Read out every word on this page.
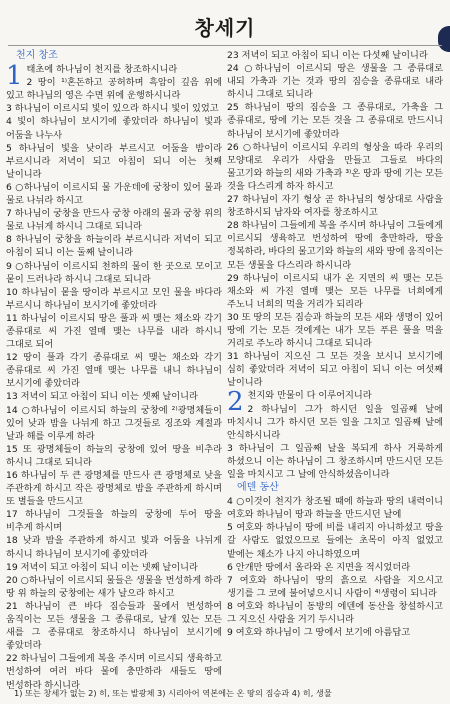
창세기
천지 창조
1 태초에 하나님이 천지를 창조하시니라

2 땅이 ¹⁾혼돈하고 공허하며 흑암이 깊음 위에 있고 하나님의 영은 수면 위에 운행하시니라

3 하나님이 이르시되 빛이 있으라 하시니 빛이 있었고

4 빛이 하나님이 보시기에 좋았더라 하나님이 빛과 어둠을 나누사

5 하나님이 빛을 낮이라 부르시고 어둠을 밤이라 부르시니라 저녁이 되고 아침이 되니 이는 첫째 날이니라

6 ○하나님이 이르시되 물 가운데에 궁창이 있어 물과 물로 나뉘라 하시고

7 하나님이 궁창을 만드사 궁창 아래의 물과 궁창 위의 물로 나뉘게 하시니 그대로 되니라

8 하나님이 궁창을 하늘이라 부르시니라 저녁이 되고 아침이 되니 이는 둘째 날이니라

9 ○하나님이 이르시되 천하의 물이 한 곳으로 모이고 뭍이 드러나라 하시니 그대로 되니라

10 하나님이 뭍을 땅이라 부르시고 모인 물을 바다라 부르시니 하나님이 보시기에 좋았더라

11 하나님이 이르시되 땅은 풀과 씨 맺는 채소와 각기 종류대로 씨 가진 열매 맺는 나무를 내라 하시니 그대로 되어

12 땅이 풀과 각기 종류대로 씨 맺는 채소와 각기 종류대로 씨 가진 열매 맺는 나무를 내니 하나님이 보시기에 좋았더라

13 저녁이 되고 아침이 되니 이는 셋째 날이니라

14 ○하나님이 이르시되 하늘의 궁창에 ²⁾광명체들이 있어 낮과 밤을 나뉘게 하고 그것들로 징조와 계절과 날과 해를 이루게 하라

15 또 광명체들이 하늘의 궁창에 있어 땅을 비추라 하시니 그대로 되니라

16 하나님이 두 큰 광명체를 만드사 큰 광명체로 낮을 주관하게 하시고 작은 광명체로 밤을 주관하게 하시며 또 별들을 만드시고

17 하나님이 그것들을 하늘의 궁창에 두어 땅을 비추게 하시며

18 낮과 밤을 주관하게 하시고 빛과 어둠을 나뉘게 하시니 하나님이 보시기에 좋았더라

19 저녁이 되고 아침이 되니 이는 넷째 날이니라

20 ○하나님이 이르시되 물들은 생물을 번성하게 하라 땅 위 하늘의 궁창에는 새가 날으라 하시고

21 하나님이 큰 바다 짐승들과 물에서 번성하여 움직이는 모든 생물을 그 종류대로, 날개 있는 모든 새를 그 종류대로 창조하시니 하나님이 보시기에 좋았더라

22 하나님이 그들에게 복을 주시며 이르시되 생육하고 번성하여 여러 바다 물에 충만하라 새들도 땅에 번성하라 하시니라

23 저녁이 되고 아침이 되니 이는 다섯째 날이니라

24 ○하나님이 이르시되 땅은 생물을 그 종류대로 내되 가축과 기는 것과 땅의 짐승을 종류대로 내라 하시니 그대로 되니라

25 하나님이 땅의 짐승을 그 종류대로, 가축을 그 종류대로, 땅에 기는 모든 것을 그 종류대로 만드시니 하나님이 보시기에 좋았더라

26 ○하나님이 이르시되 우리의 형상을 따라 우리의 모양대로 우리가 사람을 만들고 그들로 바다의 물고기와 하늘의 새와 가축과 ³⁾온 땅과 땅에 기는 모든 것을 다스리게 하자 하시고

27 하나님이 자기 형상 곧 하나님의 형상대로 사람을 창조하시되 남자와 여자를 창조하시고

28 하나님이 그들에게 복을 주시며 하나님이 그들에게 이르시되 생육하고 번성하여 땅에 충만하라, 땅을 정복하라, 바다의 물고기와 하늘의 새와 땅에 움직이는 모든 생물을 다스리라 하시니라

29 하나님이 이르시되 내가 온 지면의 씨 맺는 모든 채소와 씨 가진 열매 맺는 모든 나무를 너희에게 주노니 너희의 먹을 거리가 되리라

30 또 땅의 모든 짐승과 하늘의 모든 새와 생명이 있어 땅에 기는 모든 것에게는 내가 모든 푸른 풀을 먹을 거리로 주노라 하시니 그대로 되니라

31 하나님이 지으신 그 모든 것을 보시니 보시기에 심히 좋았더라 저녁이 되고 아침이 되니 이는 여섯째 날이니라

2 천지와 만물이 다 이루어지니라

2 하나님이 그가 하시던 일을 일곱째 날에 마치시니 그가 하시던 모든 일을 그치고 일곱째 날에 안식하시니라

3 하나님이 그 일곱째 날을 복되게 하사 거룩하게 하셨으니 이는 하나님이 그 창조하시며 만드시던 모든 일을 마치시고 그 날에 안식하셨음이니라

에덴 동산

4 ○이것이 천지가 창조될 때에 하늘과 땅의 내력이니 여호와 하나님이 땅과 하늘을 만드시던 날에

5 여호와 하나님이 땅에 비를 내리지 아니하셨고 땅을 갈 사람도 없었으므로 들에는 초목이 아직 없었고 밭에는 채소가 나지 아니하였으며

6 안개만 땅에서 올라와 온 지면을 적시었더라

7 여호와 하나님이 땅의 흙으로 사람을 지으시고 생기를 그 코에 불어넣으시니 사람이 ⁴⁾생령이 되니라

8 여호와 하나님이 동방의 에덴에 동산을 창설하시고 그 지으신 사람을 거기 두시니라

9 여호와 하나님이 그 땅에서 보기에 아름답고

1) 또는 창세가 없는 2) 히, 또는 발광체 3) 시리아어 역본에는 온 땅의 짐승과 4) 히, 생물
